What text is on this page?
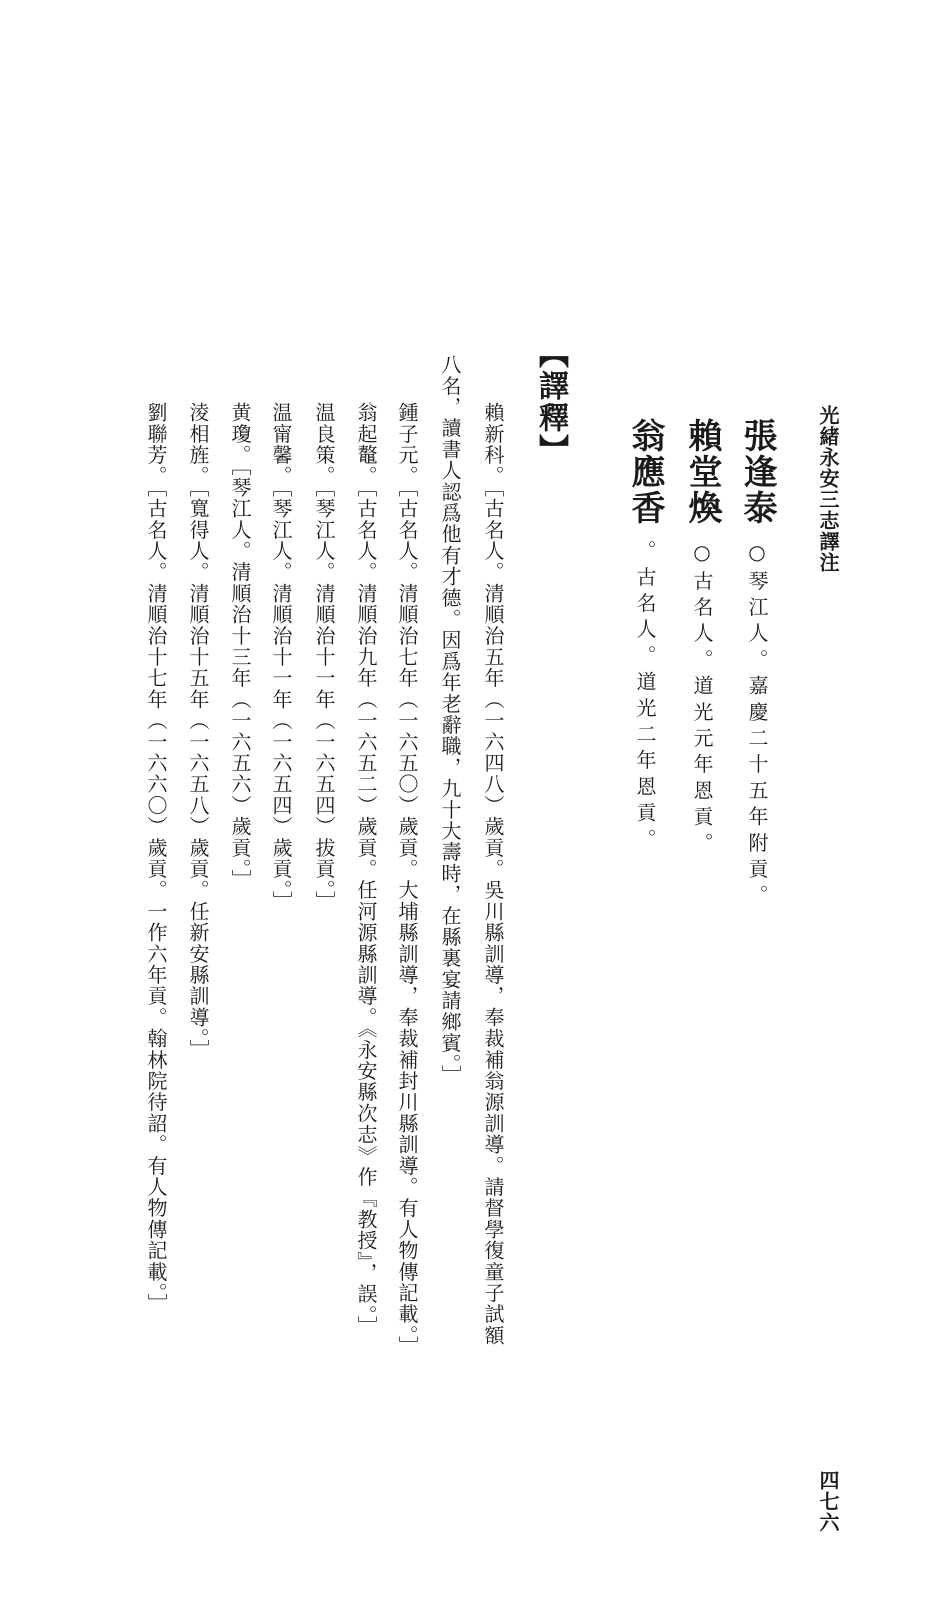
光緒永安三志譯注
四七六
張逢泰○琴江人。嘉慶二十五年附貢。
賴堂煥○古名人。道光元年恩貢。
翁應香。古名人。道光二年恩貢。
【譯釋】
賴新科。［古名人。清順治五年（一六四八）歲貢。吳川縣訓導，奉裁補翁源訓導。請督學復童子試額
八名，讀書人認爲他有才德。因爲年老辭職，九十大壽時，在縣裏宴請鄉賓。］
鍾子元。［古名人。清順治七年（一六五〇）歲貢。大埔縣訓導，奉裁補封川縣訓導。有人物傳記載。］
翁起鼇。［古名人。清順治九年（一六五二）歲貢。任河源縣訓導。《永安縣次志》作『教授』，誤。］
温良策。［琴江人。清順治十一年（一六五四）拔貢。］
温甯馨。［琴江人。清順治十一年（一六五四）歲貢。］
黄瓊。［琴江人。清順治十三年（一六五六）歲貢。］
淩相旌。［寬得人。清順治十五年（一六五八）歲貢。任新安縣訓導。］
劉聯芳。［古名人。清順治十七年（一六六〇）歲貢。一作六年貢。翰林院待詔。有人物傳記載。］
